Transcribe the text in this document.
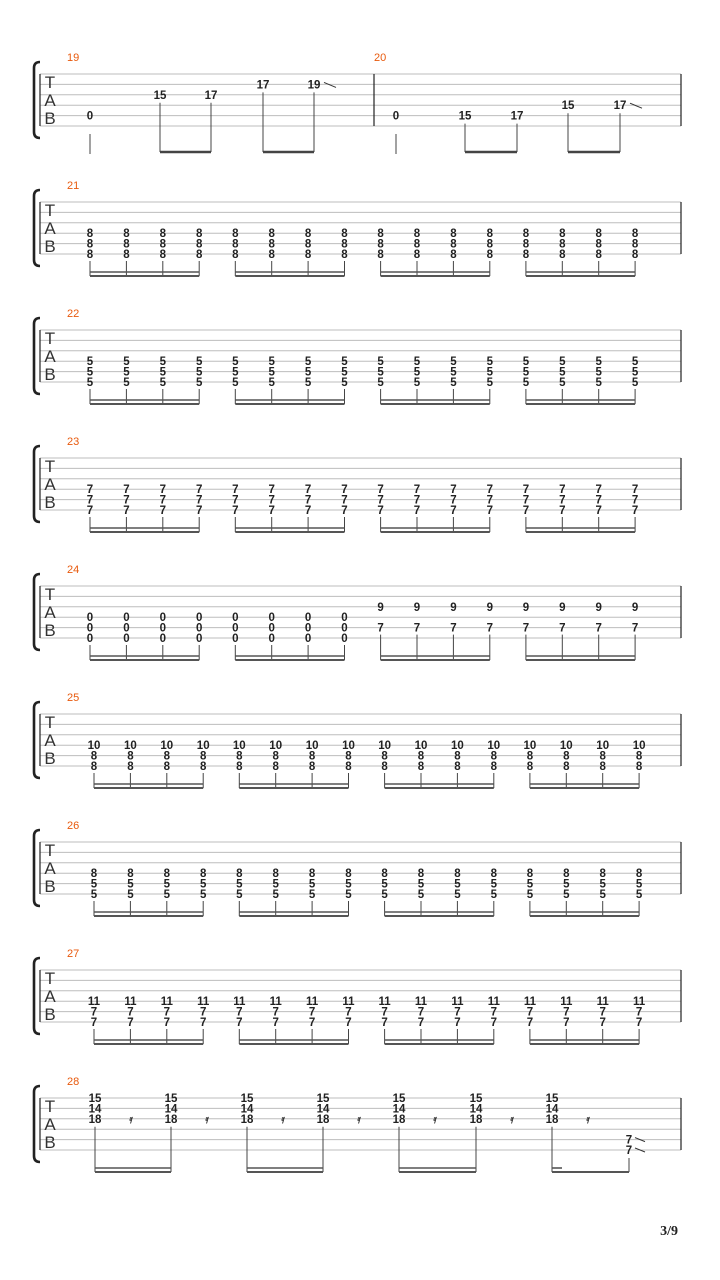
T
A
B
19
0
15	17
17	19
20
0	15	17
15	17
T
A
B
21
8
8
8
8
8
8
8
8
8
8
8
8
8
8
8
8
8
8
8
8
8
8
8
8
8
8
8
8
8
8
8
8
8
8
8
8
8
8
8
8
8
8
8
8
8
8
8
8
T
A
B
22
5
5
5
5
5
5
5
5
5
5
5
5
5
5
5
5
5
5
5
5
5
5
5
5
5
5
5
5
5
5
5
5
5
5
5
5
5
5
5
5
5
5
5
5
5
5
5
5
T
A
B
23
7
7
7
7
7
7
7
7
7
7
7
7
7
7
7
7
7
7
7
7
7
7
7
7
7
7
7
7
7
7
7
7
7
7
7
7
7
7
7
7
7
7
7
7
7
7
7
7
T
A
B
24
0
0
0
0
0
0
0
0
0
0
0
0
0
0
0
0
0
0
0
0
0
0
0
0
9
7
9
7
9
7
9
7
9
7
9
7
9
7
9
7
T
A
B
25
10
8
8
10
8
8
10
8
8
10
8
8
10
8
8
10
8
8
10
8
8
10
8
8
10
8
8
10
8
8
10
8
8
10
8
8
10
8
8
10
8
8
10
8
8
10
8
8
T
A
B
26
8
5
5
8
5
5
8
5
5
8
5
5
8
5
5
8
5
5
8
5
5
8
5
5
8
5
5
8
5
5
8
5
5
8
5
5
8
5
5
8
5
5
8
5
5
8
5
5
T
A
B
27
11
7
7
11
7
7
11
7
7
11
7
7
11
7
7
11
7
7
11
7
7
11
7
7
11
7
7
11
7
7
11
7
7
11
7
7
11
7
7
11
7
7
11
7
7
11
7
7
T
A
B
28
15
14
18 𝄿
15
14
18 𝄿
15
14
18 𝄿
15
14
18 𝄿
15
14
18 𝄿
15
14
18 𝄿
15
14
18 𝄿
7
7
3/9
